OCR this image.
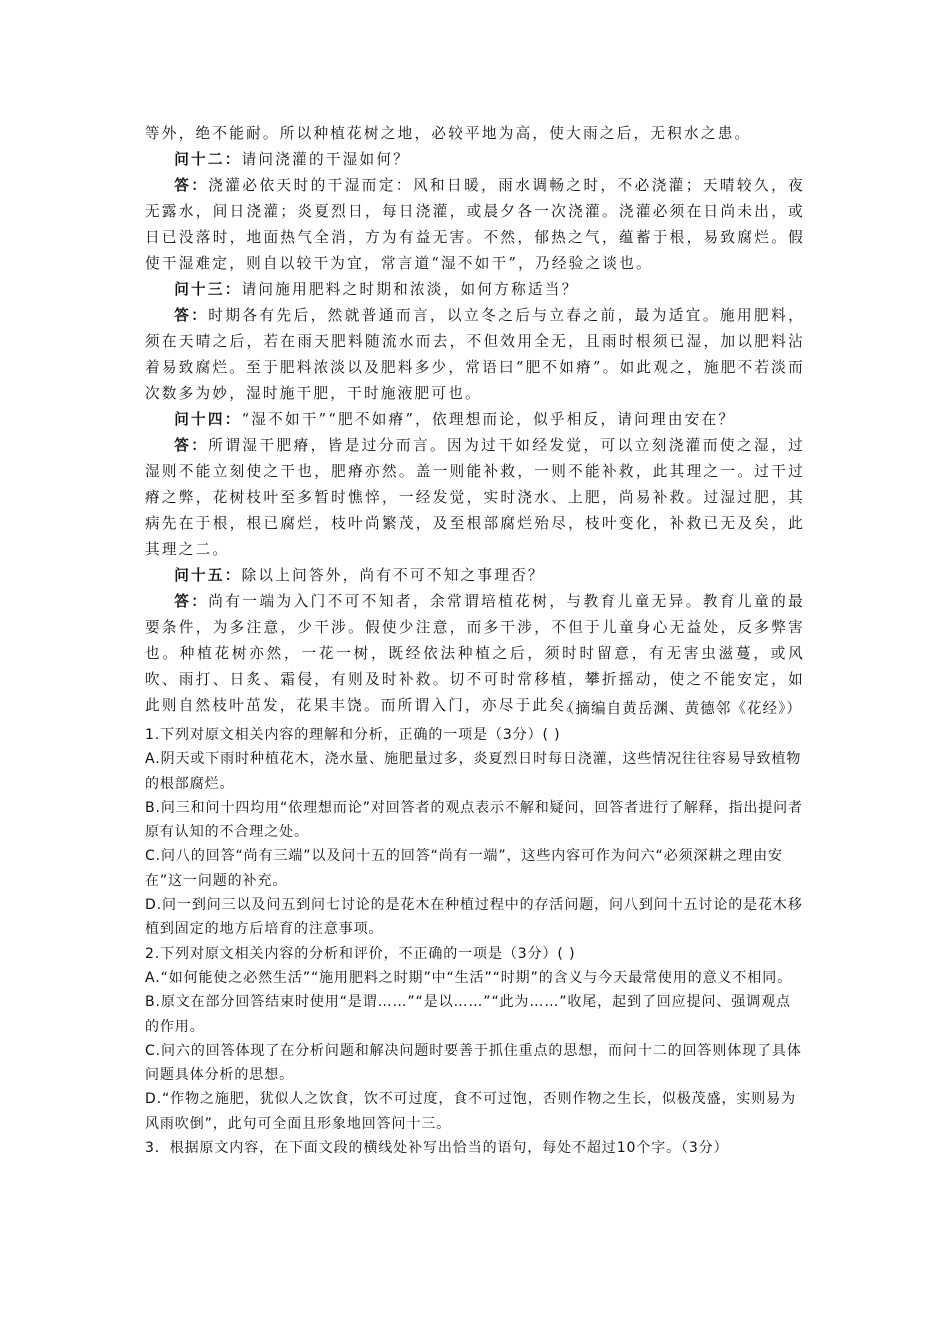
等外，绝不能耐。所以种植花树之地，必较平地为高，使大雨之后，无积水之患。

问十二：请问浇灌的干湿如何？

答：浇灌必依天时的干湿而定：风和日暖，雨水调畅之时，不必浇灌；天晴较久，夜无露水，间日浇灌；炎夏烈日，每日浇灌，或晨夕各一次浇灌。浇灌必须在日尚未出，或日已没落时，地面热气全消，方为有益无害。不然，郁热之气，蕴蓄于根，易致腐烂。假使干湿难定，则自以较干为宜，常言道“湿不如干”，乃经验之谈也。

问十三：请问施用肥料之时期和浓淡，如何方称适当？

答：时期各有先后，然就普通而言，以立冬之后与立春之前，最为适宜。施用肥料，须在天晴之后，若在雨天肥料随流水而去，不但效用全无，且雨时根须已湿，加以肥料沾着易致腐烂。至于肥料浓淡以及肥料多少，常语曰“肥不如瘠”。如此观之，施肥不若淡而次数多为妙，湿时施干肥，干时施液肥可也。

问十四：“湿不如干”“肥不如瘠”，依理想而论，似乎相反，请问理由安在？

答：所谓湿干肥瘠，皆是过分而言。因为过干如经发觉，可以立刻浇灌而使之湿，过湿则不能立刻使之干也，肥瘠亦然。盖一则能补救，一则不能补救，此其理之一。过干过瘠之弊，花树枝叶至多暂时憔悴，一经发觉，实时浇水、上肥，尚易补救。过湿过肥，其病先在于根，根已腐烂，枝叶尚繁茂，及至根部腐烂殆尽，枝叶变化，补救已无及矣，此其理之二。

问十五：除以上问答外，尚有不可不知之事理否？

答：尚有一端为入门不可不知者，余常谓培植花树，与教育儿童无异。教育儿童的最要条件，为多注意，少干涉。假使少注意，而多干涉，不但于儿童身心无益处，反多弊害也。种植花树亦然，一花一树，既经依法种植之后，须时时留意，有无害虫滋蔓，或风吹、雨打、日炙、霜侵，有则及时补救。切不可时常移植，攀折摇动，使之不能安定，如此则自然枝叶茁发，花果丰饶。而所谓入门，亦尽于此矣。

（摘编自黄岳渊、黄德邻《花经》）

1.下列对原文相关内容的理解和分析，正确的一项是（3分）( )

A.阴天或下雨时种植花木，浇水量、施肥量过多，炎夏烈日时每日浇灌，这些情况往往容易导致植物的根部腐烂。

B.问三和问十四均用“依理想而论”对回答者的观点表示不解和疑问，回答者进行了解释，指出提问者原有认知的不合理之处。

C.问八的回答“尚有三端”以及问十五的回答“尚有一端”，这些内容可作为问六“必须深耕之理由安在”这一问题的补充。

D.问一到问三以及问五到问七讨论的是花木在种植过程中的存活问题，问八到问十五讨论的是花木移植到固定的地方后培育的注意事项。

2.下列对原文相关内容的分析和评价，不正确的一项是（3分）( )

A.“如何能使之必然生活”“施用肥料之时期”中“生活”“时期”的含义与今天最常使用的意义不相同。

B.原文在部分回答结束时使用“是谓……”“是以……”“此为……”收尾，起到了回应提问、强调观点的作用。

C.问六的回答体现了在分析问题和解决问题时要善于抓住重点的思想，而问十二的回答则体现了具体问题具体分析的思想。

D.“作物之施肥，犹似人之饮食，饮不可过度，食不可过饱，否则作物之生长，似极茂盛，实则易为风雨吹倒”，此句可全面且形象地回答问十三。

3．根据原文内容，在下面文段的横线处补写出恰当的语句，每处不超过10个字。（3分）
